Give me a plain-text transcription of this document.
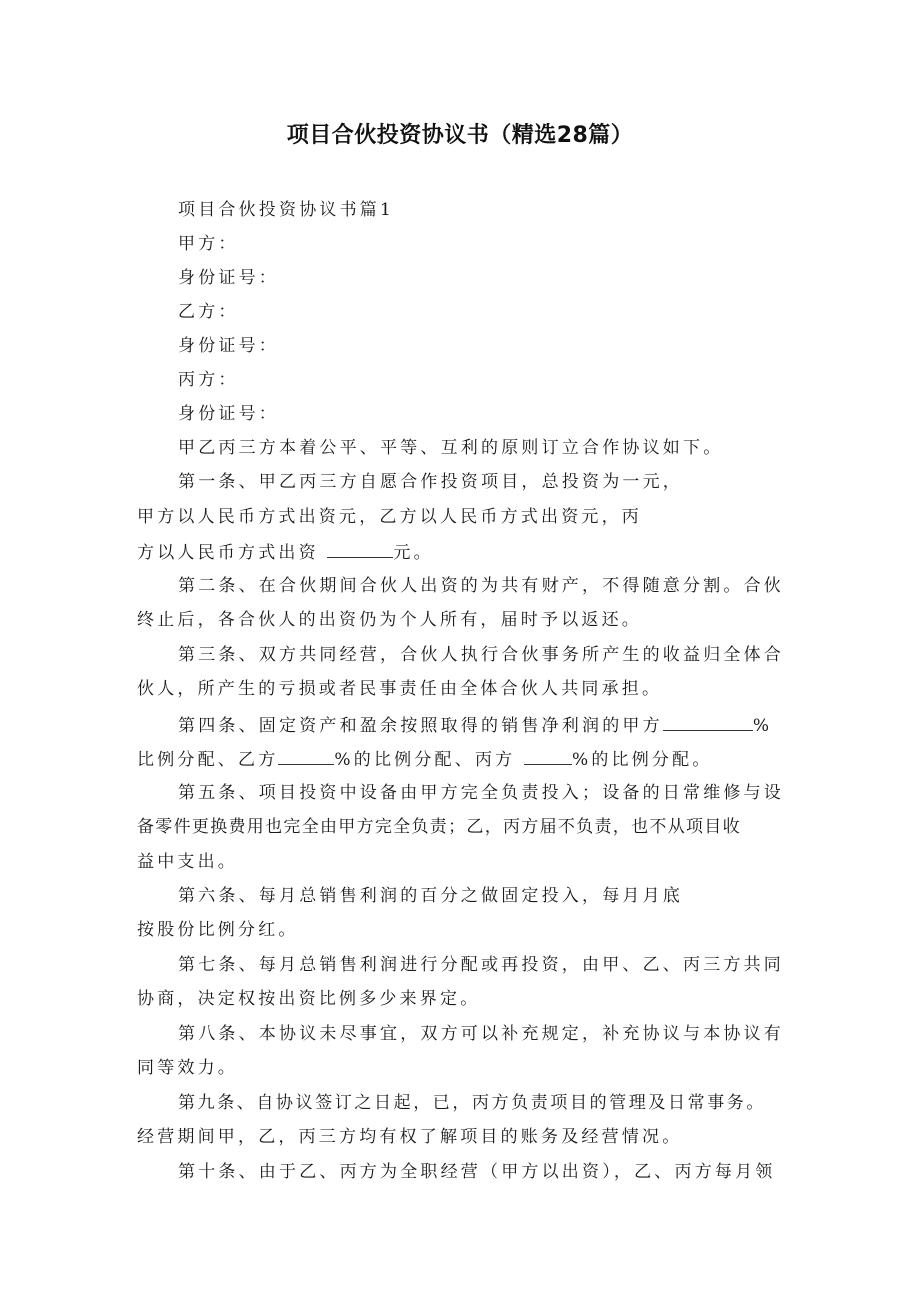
项目合伙投资协议书（精选28篇）
项目合伙投资协议书篇1
甲方：
身份证号：
乙方：
身份证号：
丙方：
身份证号：
甲乙丙三方本着公平、平等、互利的原则订立合作协议如下。
第一条、甲乙丙三方自愿合作投资项目，总投资为一元，
甲方以人民币方式出资元，乙方以人民币方式出资元，丙
方以人民币方式出资	元。
第二条、在合伙期间合伙人出资的为共有财产，不得随意分割。合伙
终止后，各合伙人的出资仍为个人所有，届时予以返还。
第三条、双方共同经营，合伙人执行合伙事务所产生的收益归全体合
伙人，所产生的亏损或者民事责任由全体合伙人共同承担。
第四条、固定资产和盈余按照取得的销售净利润的甲方	%
比例分配、乙方	%的比例分配、丙方	%的比例分配。
第五条、项目投资中设备由甲方完全负责投入；设备的日常维修与设
备零件更换费用也完全由甲方完全负责；乙，丙方届不负责，也不从项目收
益中支出。
第六条、每月总销售利润的百分之做固定投入，每月月底
按股份比例分红。
第七条、每月总销售利润进行分配或再投资，由甲、乙、丙三方共同
协商，决定权按出资比例多少来界定。
第八条、本协议未尽事宜，双方可以补充规定，补充协议与本协议有
同等效力。
第九条、自协议签订之日起，已，丙方负责项目的管理及日常事务。
经营期间甲，乙，丙三方均有权了解项目的账务及经营情况。
第十条、由于乙、丙方为全职经营（甲方以出资），乙、丙方每月领
